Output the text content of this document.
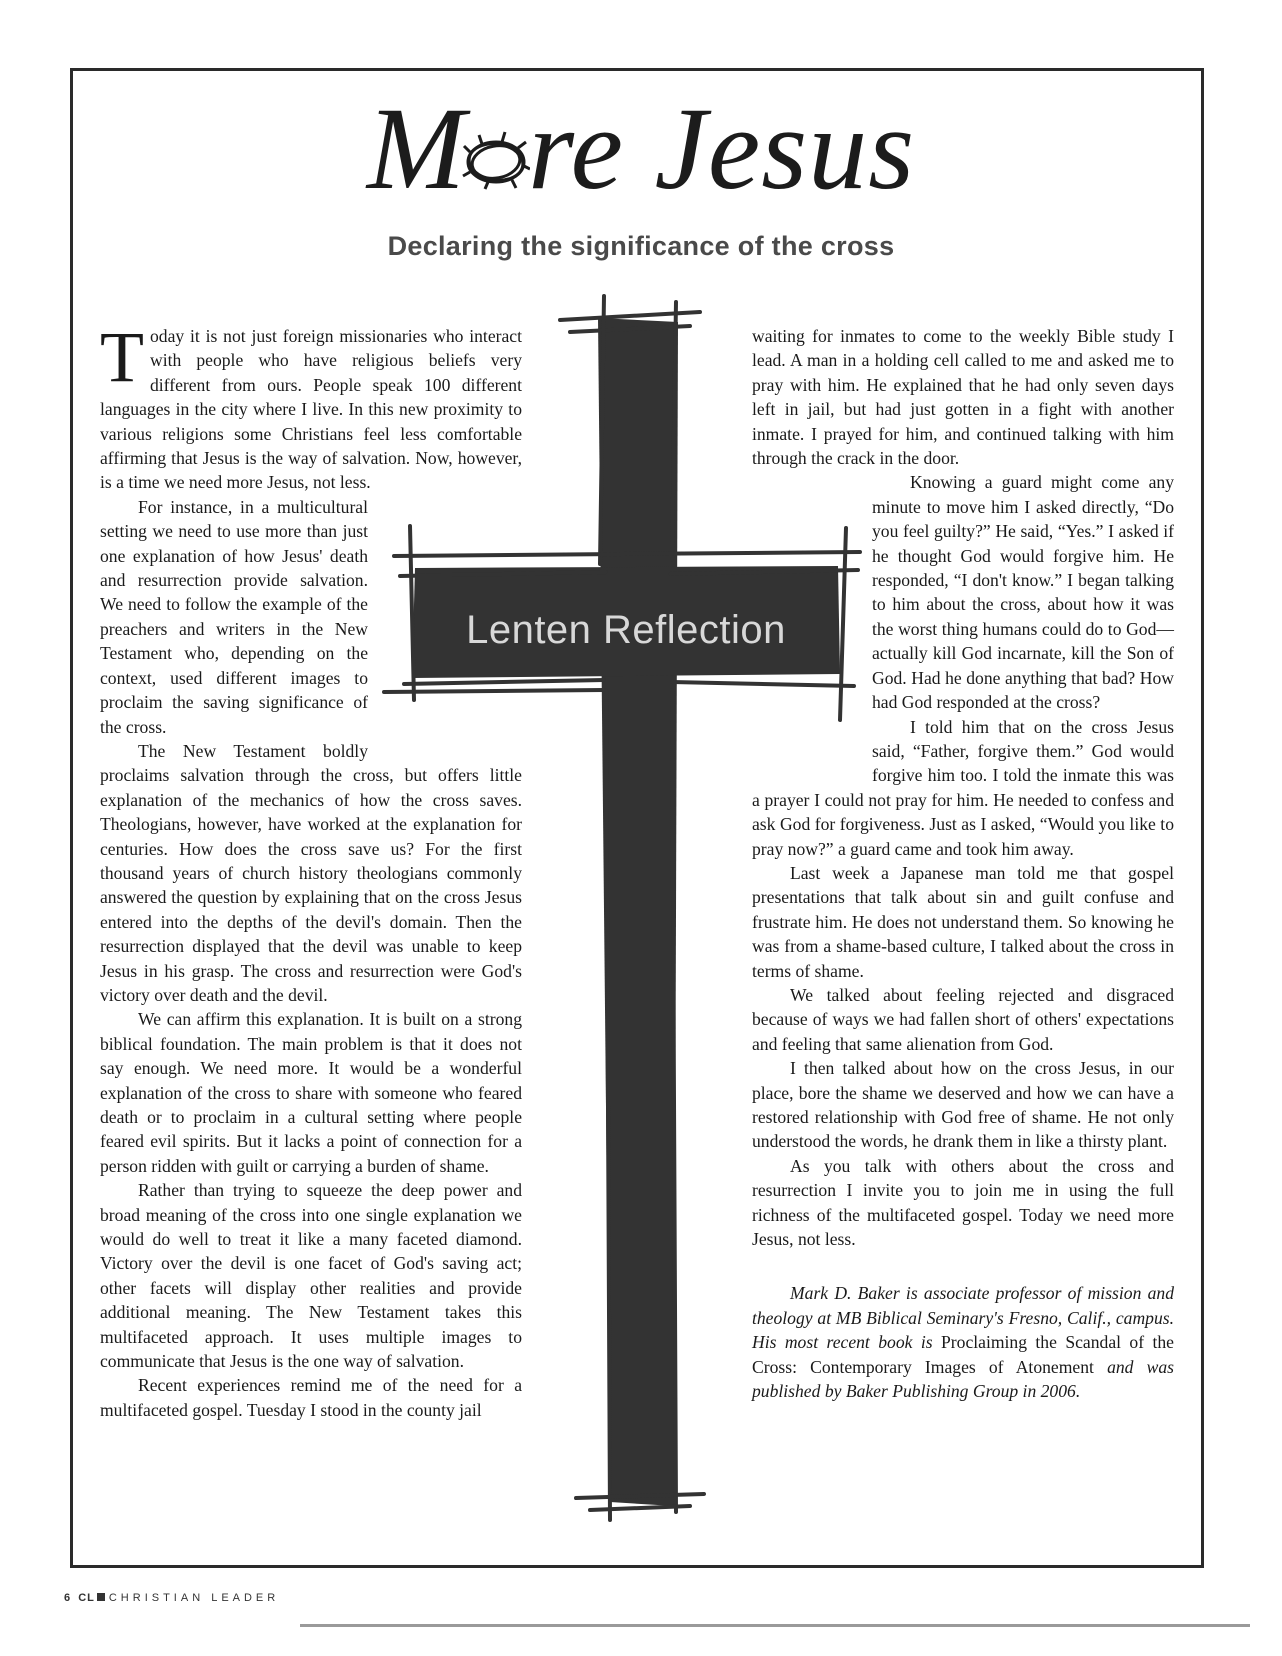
M re Jesus
Declaring the significance of the cross
Lenten Reflection

Today it is not just foreign missionaries who interact with people who have religious beliefs very different from ours. People speak 100 different languages in the city where I live. In this new proximity to various religions some Christians feel less comfortable affirming that Jesus is the way of salvation. Now, however, is a time we need more Jesus, not less.

For instance, in a multicultural setting we need to use more than just one explanation of how Jesus' death and resurrection provide salvation. We need to follow the example of the preachers and writers in the New Testament who, depending on the context, used different images to proclaim the saving significance of the cross.

The New Testament boldly proclaims salvation through the cross, but offers little explanation of the mechanics of how the cross saves. Theologians, however, have worked at the explanation for centuries. How does the cross save us? For the first thousand years of church history theologians commonly answered the question by explaining that on the cross Jesus entered into the depths of the devil's domain. Then the resurrection displayed that the devil was unable to keep Jesus in his grasp. The cross and resurrection were God's victory over death and the devil.

We can affirm this explanation. It is built on a strong biblical foundation. The main problem is that it does not say enough. We need more. It would be a wonderful explanation of the cross to share with someone who feared death or to proclaim in a cultural setting where people feared evil spirits. But it lacks a point of connection for a person ridden with guilt or carrying a burden of shame.

Rather than trying to squeeze the deep power and broad meaning of the cross into one single explanation we would do well to treat it like a many faceted diamond. Victory over the devil is one facet of God's saving act; other facets will display other realities and provide additional meaning. The New Testament takes this multifaceted approach. It uses multiple images to communicate that Jesus is the one way of salvation.

Recent experiences remind me of the need for a multifaceted gospel. Tuesday I stood in the county jail

waiting for inmates to come to the weekly Bible study I lead. A man in a holding cell called to me and asked me to pray with him. He explained that he had only seven days left in jail, but had just gotten in a fight with another inmate. I prayed for him, and continued talking with him through the crack in the door.

Knowing a guard might come any minute to move him I asked directly, “Do you feel guilty?” He said, “Yes.” I asked if he thought God would forgive him. He responded, “I don't know.” I began talking to him about the cross, about how it was the worst thing humans could do to God—actually kill God incarnate, kill the Son of God. Had he done anything that bad? How had God responded at the cross?

I told him that on the cross Jesus said, “Father, forgive them.” God would forgive him too. I told the inmate this was a prayer I could not pray for him. He needed to confess and ask God for forgiveness. Just as I asked, “Would you like to pray now?” a guard came and took him away.

Last week a Japanese man told me that gospel presentations that talk about sin and guilt confuse and frustrate him. He does not understand them. So knowing he was from a shame-based culture, I talked about the cross in terms of shame.

We talked about feeling rejected and disgraced because of ways we had fallen short of others' expectations and feeling that same alienation from God.

I then talked about how on the cross Jesus, in our place, bore the shame we deserved and how we can have a restored relationship with God free of shame. He not only understood the words, he drank them in like a thirsty plant.

As you talk with others about the cross and resurrection I invite you to join me in using the full richness of the multifaceted gospel. Today we need more Jesus, not less.

Mark D. Baker is associate professor of mission and theology at MB Biblical Seminary's Fresno, Calif., campus. His most recent book is Proclaiming the Scandal of the Cross: Contemporary Images of Atonement and was published by Baker Publishing Group in 2006.

6 CL CHRISTIAN LEADER
